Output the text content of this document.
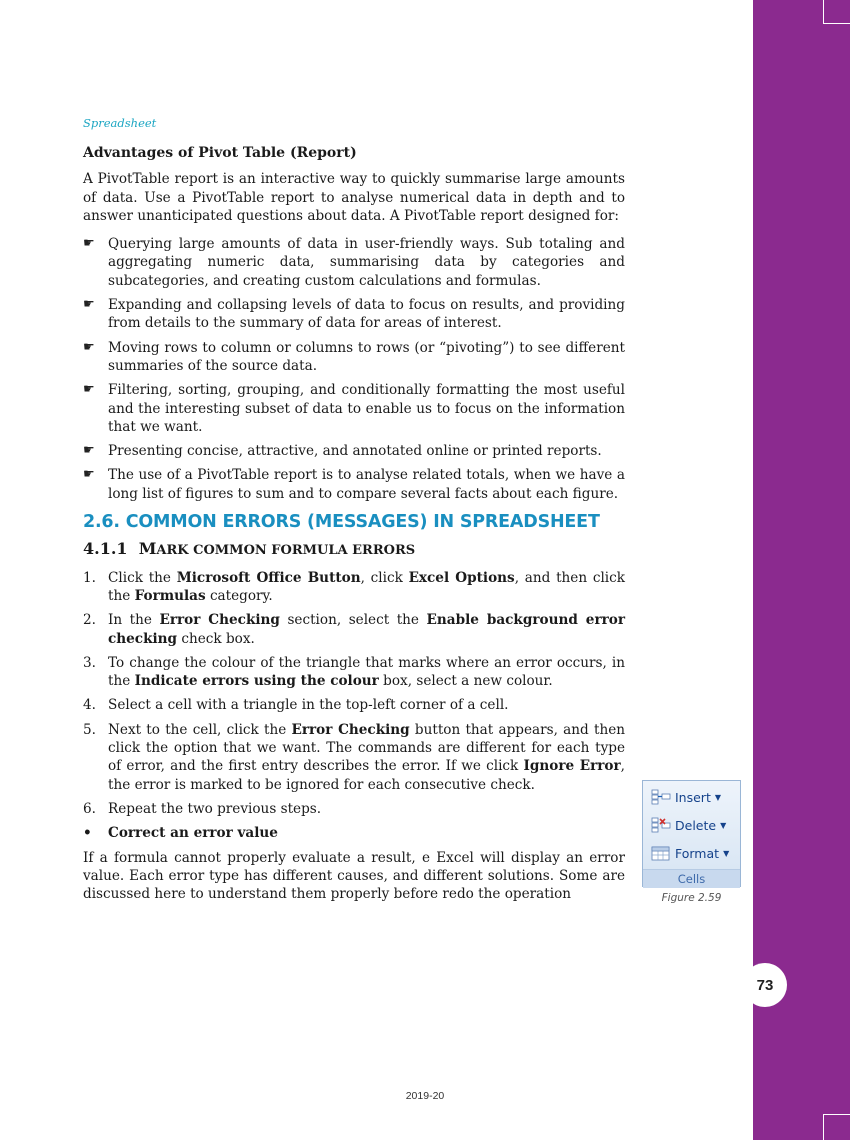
73
Spreadsheet

Advantages of Pivot Table (Report)

A PivotTable report is an interactive way to quickly summarise large amounts of data. Use a PivotTable report to analyse numerical data in depth and to answer unanticipated questions about data. A PivotTable report designed for:

☛ Querying large amounts of data in user-friendly ways. Sub totaling and aggregating numeric data, summarising data by categories and subcategories, and creating custom calculations and formulas.
☛ Expanding and collapsing levels of data to focus on results, and providing from details to the summary of data for areas of interest.
☛ Moving rows to column or columns to rows (or “pivoting”) to see different summaries of the source data.
☛ Filtering, sorting, grouping, and conditionally formatting the most useful and the interesting subset of data to enable us to focus on the information that we want.
☛ Presenting concise, attractive, and annotated online or printed reports.
☛ The use of a PivotTable report is to analyse related totals, when we have a long list of figures to sum and to compare several facts about each figure.

2.6. COMMON ERRORS (MESSAGES) IN SPREADSHEET

4.1.1 MARK COMMON FORMULA ERRORS

1. Click the Microsoft Office Button, click Excel Options, and then click the Formulas category.
2. In the Error Checking section, select the Enable background error checking check box.
3. To change the colour of the triangle that marks where an error occurs, in the Indicate errors using the colour box, select a new colour.
4. Select a cell with a triangle in the top-left corner of a cell.
5. Next to the cell, click the Error Checking button that appears, and then click the option that we want. The commands are different for each type of error, and the first entry describes the error. If we click Ignore Error, the error is marked to be ignored for each consecutive check.
6. Repeat the two previous steps.

• Correct an error value

If a formula cannot properly evaluate a result, e Excel will display an error value. Each error type has different causes, and different solutions. Some are discussed here to understand them properly before redo the operation

Insert ▼
Delete ▼
Format ▼
Cells
Figure 2.59
2019-20
